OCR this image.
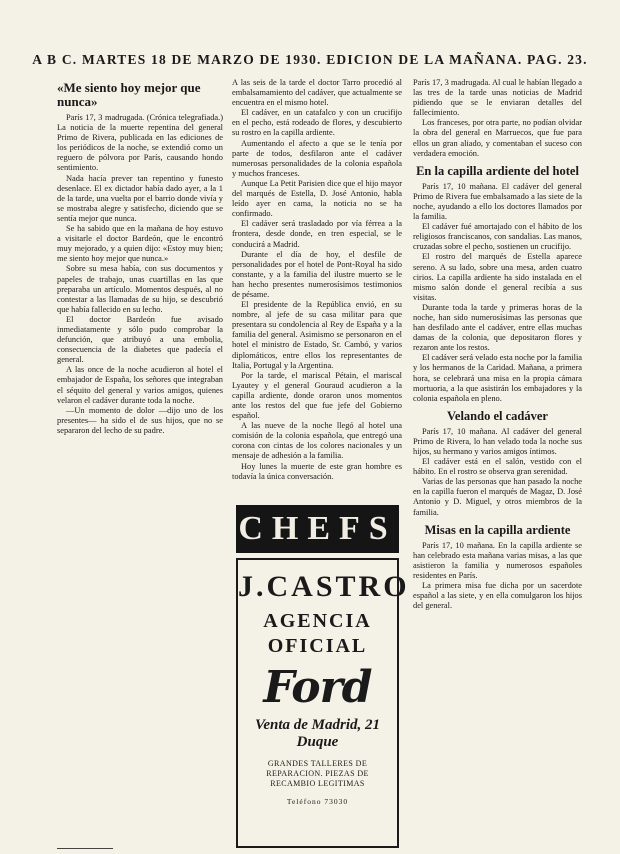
A B C. MARTES 18 DE MARZO DE 1930. EDICION DE LA MAÑANA. PAG. 23.
«Me siento hoy mejor que nunca»

París 17, 3 madrugada. (Crónica telegrafiada.) La noticia de la muerte repentina del general Primo de Rivera, publicada en las ediciones de los periódicos de la noche, se extendió como un reguero de pólvora por París, causando hondo sentimiento.

Nada hacía prever tan repentino y funesto desenlace. El ex dictador había dado ayer, a la 1 de la tarde, una vuelta por el barrio donde vivía y se mostraba alegre y satisfecho, diciendo que se sentía mejor que nunca.

Se ha sabido que en la mañana de hoy estuvo a visitarle el doctor Bardeón, que le encontró muy mejorado, y a quien dijo: «Estoy muy bien; me siento hoy mejor que nunca.»

Sobre su mesa había, con sus documentos y papeles de trabajo, unas cuartillas en las que preparaba un artículo. Momentos después, al no contestar a las llamadas de su hijo, se descubrió que había fallecido en su lecho.

El doctor Bardeón fue avisado inmediatamente y sólo pudo comprobar la defunción, que atribuyó a una embolia, consecuencia de la diabetes que padecía el general.

A las once de la noche acudieron al hotel el embajador de España, los señores que integraban el séquito del general y varios amigos, quienes velaron el cadáver durante toda la noche.

—Un momento de dolor —dijo uno de los presentes— ha sido el de sus hijos, que no se separaron del lecho de su padre.

A las seis de la tarde el doctor Tarro procedió al embalsamamiento del cadáver, que actualmente se encuentra en el mismo hotel.

El cadáver, en un catafalco y con un crucifijo en el pecho, está rodeado de flores, y descubierto su rostro en la capilla ardiente.

Aumentando el afecto a que se le tenía por parte de todos, desfilaron ante el cadáver numerosas personalidades de la colonia española y muchos franceses.

Aunque La Petit Parisien dice que el hijo mayor del marqués de Estella, D. José Antonio, habla leído ayer en cama, la noticia no se ha confirmado.

El cadáver será trasladado por vía férrea a la frontera, desde donde, en tren especial, se le conducirá a Madrid.

Durante el día de hoy, el desfile de personalidades por el hotel de Pont-Royal ha sido constante, y a la familia del ilustre muerto se le han hecho presentes numerosísimos testimonios de pésame.

El presidente de la República envió, en su nombre, al jefe de su casa militar para que presentara su condolencia al Rey de España y a la familia del general. Asimismo se personaron en el hotel el ministro de Estado, Sr. Cambó, y varios diplomáticos, entre ellos los representantes de Italia, Portugal y la Argentina.

Por la tarde, el mariscal Pétain, el mariscal Lyautey y el general Gouraud acudieron a la capilla ardiente, donde oraron unos momentos ante los restos del que fue jefe del Gobierno español.

A las nueve de la noche llegó al hotel una comisión de la colonia española, que entregó una corona con cintas de los colores nacionales y un mensaje de adhesión a la familia.

Hoy lunes la muerte de este gran hombre es todavía la única conversación.

CHEFS
J.CASTRO
AGENCIA
OFICIAL
Ford
Venta de Madrid, 21 Duque
GRANDES TALLERES DE REPARACION. PIEZAS DE RECAMBIO LEGITIMAS
Teléfono 73030

París 17, 3 madrugada. Al cual le habían llegado a las tres de la tarde unas noticias de Madrid pidiendo que se le enviaran detalles del fallecimiento.

Los franceses, por otra parte, no podían olvidar la obra del general en Marruecos, que fue para ellos un gran aliado, y comentaban el suceso con verdadera emoción.

En la capilla ardiente del hotel

París 17, 10 mañana. El cadáver del general Primo de Rivera fue embalsamado a las siete de la noche, ayudando a ello los doctores llamados por la familia.

El cadáver fué amortajado con el hábito de los religiosos franciscanos, con sandalias. Las manos, cruzadas sobre el pecho, sostienen un crucifijo.

El rostro del marqués de Estella aparece sereno. A su lado, sobre una mesa, arden cuatro cirios. La capilla ardiente ha sido instalada en el mismo salón donde el general recibía a sus visitas.

Durante toda la tarde y primeras horas de la noche, han sido numerosísimas las personas que han desfilado ante el cadáver, entre ellas muchas damas de la colonia, que depositaron flores y rezaron ante los restos.

El cadáver será velado esta noche por la familia y los hermanos de la Caridad. Mañana, a primera hora, se celebrará una misa en la propia cámara mortuoria, a la que asistirán los embajadores y la colonia española en pleno.

Velando el cadáver

París 17, 10 mañana. Al cadáver del general Primo de Rivera, lo han velado toda la noche sus hijos, su hermano y varios amigos íntimos.

El cadáver está en el salón, vestido con el hábito. En el rostro se observa gran serenidad.

Varias de las personas que han pasado la noche en la capilla fueron el marqués de Magaz, D. José Antonio y D. Miguel, y otros miembros de la familia.

Misas en la capilla ardiente

París 17, 10 mañana. En la capilla ardiente se han celebrado esta mañana varias misas, a las que asistieron la familia y numerosos españoles residentes en París.

La primera misa fue dicha por un sacerdote español a las siete, y en ella comulgaron los hijos del general.
